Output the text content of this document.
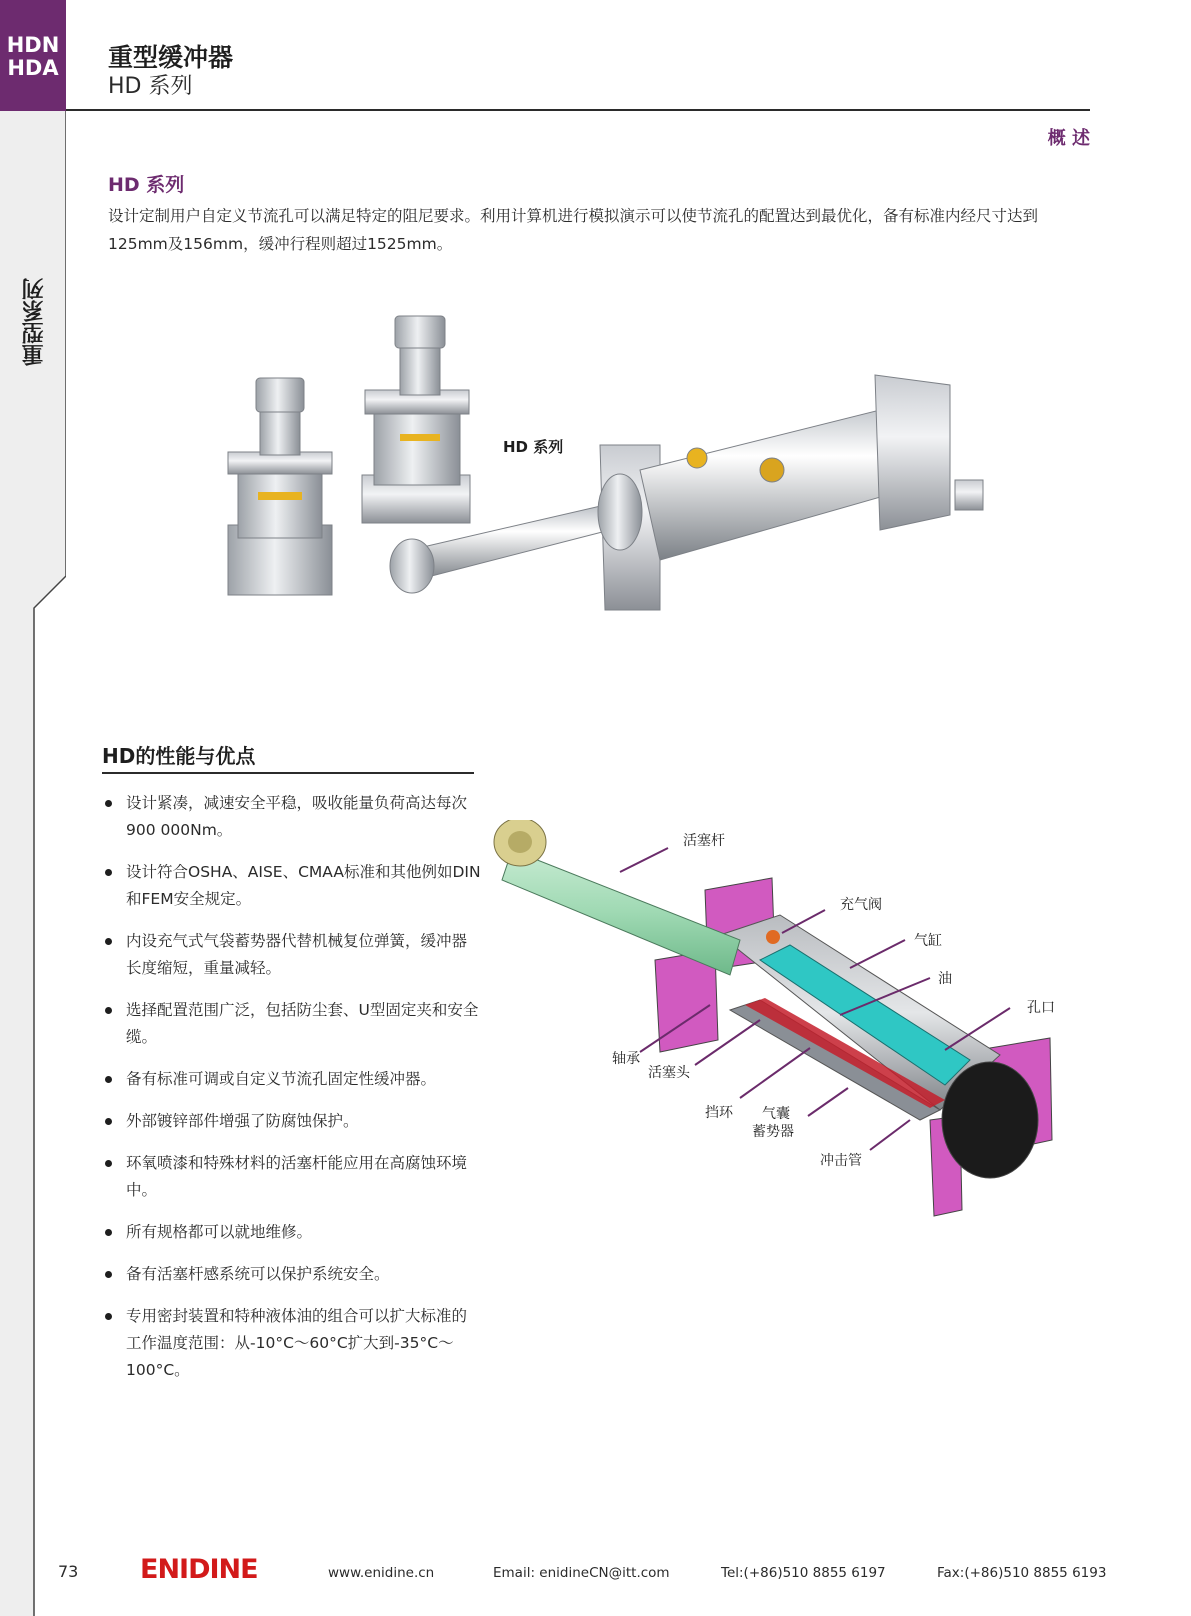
HDN
HDA
重型系列
重型缓冲器
HD 系列
概 述
HD 系列
设计定制用户自定义节流孔可以满足特定的阻尼要求。利用计算机进行模拟演示可以使节流孔的配置达到最优化，备有标准内经尺寸达到125mm及156mm，缓冲行程则超过1525mm。
HD 系列
HD的性能与优点
设计紧凑，减速安全平稳，吸收能量负荷高达每次900 000Nm。
设计符合OSHA、AISE、CMAA标准和其他例如DIN和FEM安全规定。
内设充气式气袋蓄势器代替机械复位弹簧，缓冲器长度缩短，重量减轻。
选择配置范围广泛，包括防尘套、U型固定夹和安全缆。
备有标准可调或自定义节流孔固定性缓冲器。
外部镀锌部件增强了防腐蚀保护。
环氧喷漆和特殊材料的活塞杆能应用在高腐蚀环境中。
所有规格都可以就地维修。
备有活塞杆感系统可以保护系统安全。
专用密封装置和特种液体油的组合可以扩大标准的工作温度范围：从-10°C～60°C扩大到-35°C～100°C。
活塞杆
充气阀
气缸
油
孔口
轴承
活塞头
挡环 气囊
蓄势器
冲击管
73 ENIDINE	www.enidine.cn	Email: enidineCN@itt.com	Tel:(+86)510 8855 6197	Fax:(+86)510 8855 6193
